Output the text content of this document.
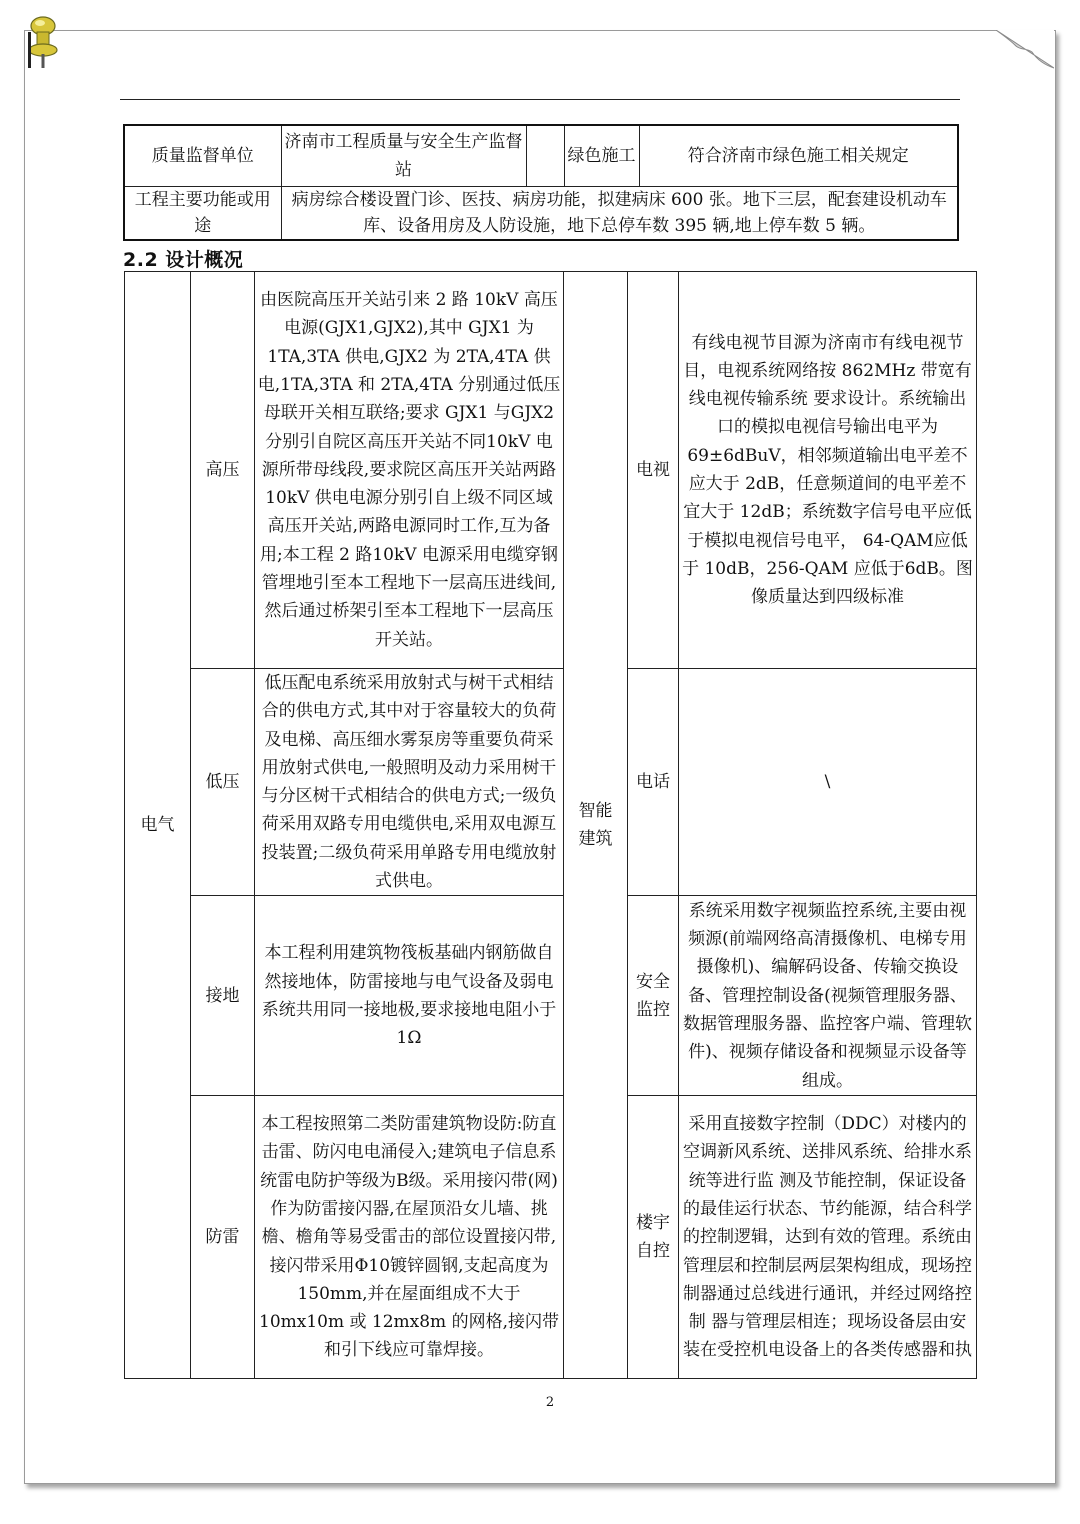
质量监督单位	济南市工程质量与安全生产监督站		绿色施工	符合济南市绿色施工相关规定
工程主要功能或用途	病房综合楼设置门诊、医技、病房功能，拟建病床 600 张。地下三层，配套建设机动车库、设备用房及人防设施，地下总停车数 395 辆,地上停车数 5 辆。			
2.2 设计概况
电气	高压	由医院高压开关站引来 2 路 10kV 高压电源(GJX1,GJX2),其中 GJX1 为1TA,3TA 供电,GJX2 为 2TA,4TA 供电,1TA,3TA 和 2TA,4TA 分别通过低压母联开关相互联络;要求 GJX1 与GJX2 分别引自院区高压开关站不同10kV 电源所带母线段,要求院区高压开关站两路 10kV 供电电源分别引自上级不同区域高压开关站,两路电源同时工作,互为备用;本工程 2 路10kV 电源采用电缆穿钢管埋地引至本工程地下一层高压进线间,然后通过桥架引至本工程地下一层高压开关站。	智能建筑	电视	有线电视节目源为济南市有线电视节目，电视系统网络按 862MHz 带宽有线电视传输系统 要求设计。系统输出口的模拟电视信号输出电平为69±6dBuV，相邻频道输出电平差不应大于 2dB，任意频道间的电平差不宜大于 12dB；系统数字信号电平应低于模拟电视信号电平， 64-QAM应低于 10dB，256-QAM 应低于6dB。图像质量达到四级标准
	低压	低压配电系统采用放射式与树干式相结合的供电方式,其中对于容量较大的负荷及电梯、高压细水雾泵房等重要负荷采用放射式供电,一般照明及动力采用树干与分区树干式相结合的供电方式;一级负荷采用双路专用电缆供电,采用双电源互投装置;二级负荷采用单路专用电缆放射式供电。		电话	\
	接地	本工程利用建筑物筏板基础内钢筋做自然接地体，防雷接地与电气设备及弱电系统共用同一接地极,要求接地电阻小于 1Ω		安全监控	系统采用数字视频监控系统,主要由视频源(前端网络高清摄像机、电梯专用摄像机)、编解码设备、传输交换设备、管理控制设备(视频管理服务器、数据管理服务器、监控客户端、管理软件)、视频存储设备和视频显示设备等组成。
	防雷	本工程按照第二类防雷建筑物设防:防直击雷、防闪电电涌侵入;建筑电子信息系统雷电防护等级为B级。采用接闪带(网)作为防雷接闪器,在屋顶沿女儿墙、挑檐、檐角等易受雷击的部位设置接闪带,接闪带采用Φ10镀锌圆钢,支起高度为 150mm,并在屋面组成不大于 10mx10m 或 12mx8m 的网格,接闪带和引下线应可靠焊接。		楼宇自控	采用直接数字控制（DDC）对楼内的空调新风系统、送排风系统、给排水系统等进行监 测及节能控制，保证设备的最佳运行状态、节约能源，结合科学的控制逻辑，达到有效的管理。系统由管理层和控制层两层架构组成，现场控制器通过总线进行通讯，并经过网络控制 器与管理层相连；现场设备层由安装在受控机电设备上的各类传感器和执
2
